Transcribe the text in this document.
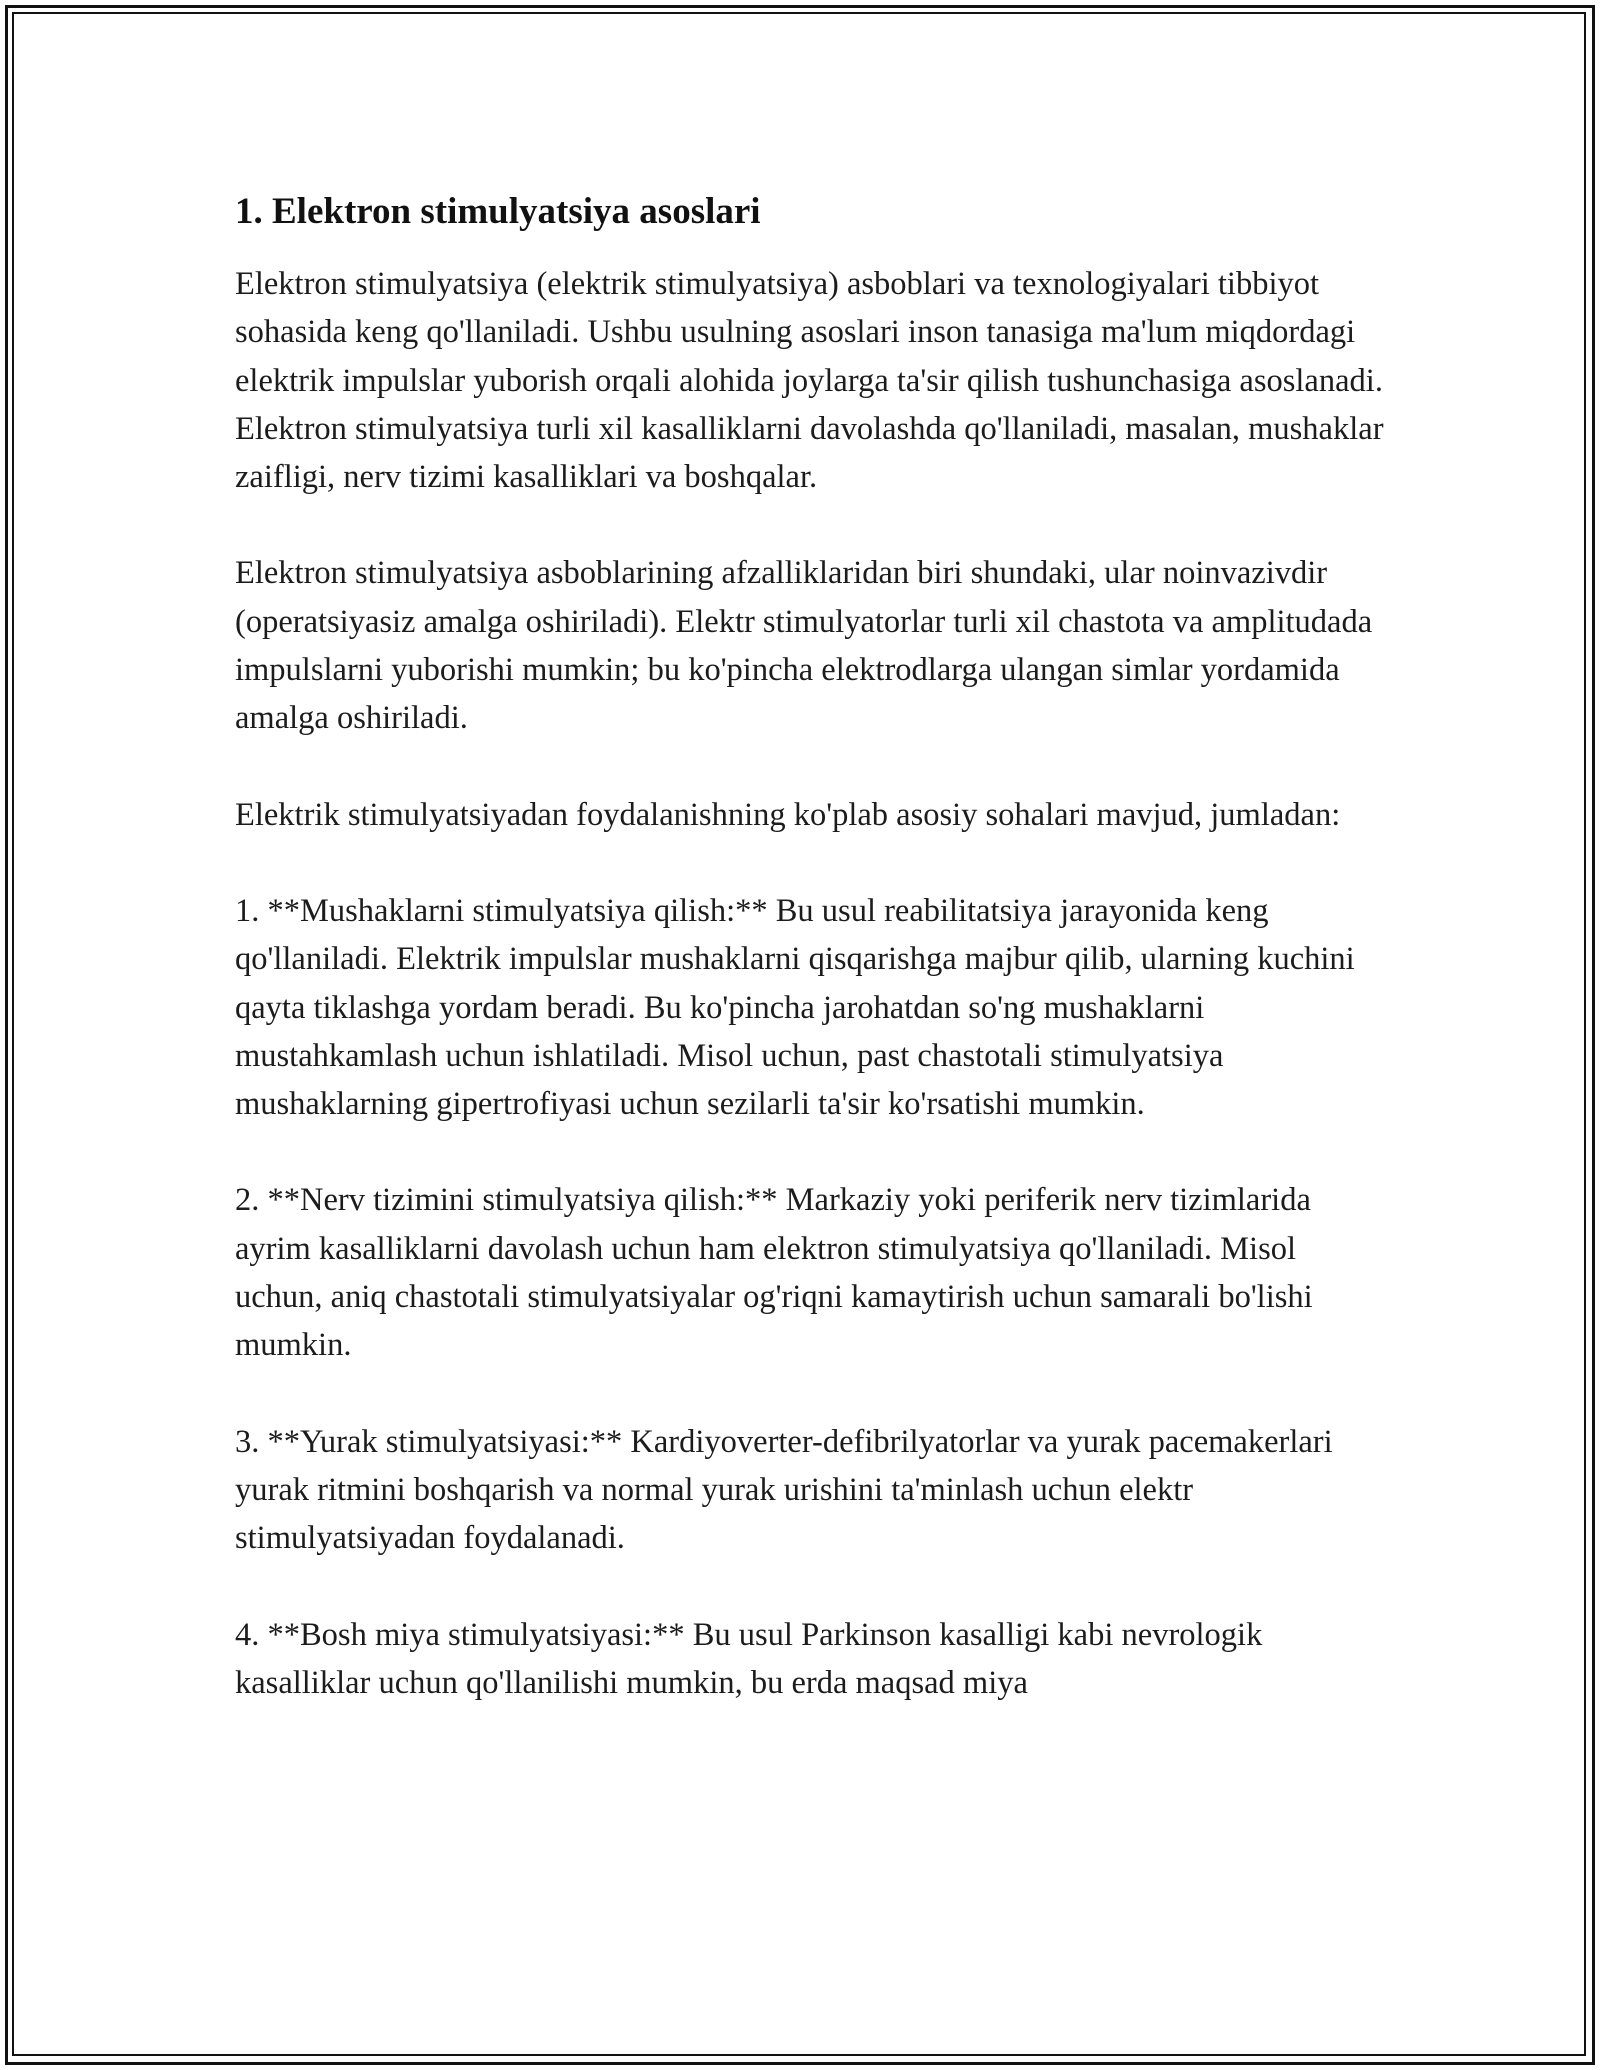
1. Elektron stimulyatsiya asoslari

Elektron stimulyatsiya (elektrik stimulyatsiya) asboblari va texnologiyalari tibbiyot sohasida keng qo'llaniladi. Ushbu usulning asoslari inson tanasiga ma'lum miqdordagi elektrik impulslar yuborish orqali alohida joylarga ta'sir qilish tushunchasiga asoslanadi. Elektron stimulyatsiya turli xil kasalliklarni davolashda qo'llaniladi, masalan, mushaklar zaifligi, nerv tizimi kasalliklari va boshqalar.

Elektron stimulyatsiya asboblarining afzalliklaridan biri shundaki, ular noinvazivdir (operatsiyasiz amalga oshiriladi). Elektr stimulyatorlar turli xil chastota va amplitudada impulslarni yuborishi mumkin; bu ko'pincha elektrodlarga ulangan simlar yordamida amalga oshiriladi.

Elektrik stimulyatsiyadan foydalanishning ko'plab asosiy sohalari mavjud, jumladan:

1. **Mushaklarni stimulyatsiya qilish:** Bu usul reabilitatsiya jarayonida keng qo'llaniladi. Elektrik impulslar mushaklarni qisqarishga majbur qilib, ularning kuchini qayta tiklashga yordam beradi. Bu ko'pincha jarohatdan so'ng mushaklarni mustahkamlash uchun ishlatiladi. Misol uchun, past chastotali stimulyatsiya mushaklarning gipertrofiyasi uchun sezilarli ta'sir ko'rsatishi mumkin.

2. **Nerv tizimini stimulyatsiya qilish:** Markaziy yoki periferik nerv tizimlarida ayrim kasalliklarni davolash uchun ham elektron stimulyatsiya qo'llaniladi. Misol uchun, aniq chastotali stimulyatsiyalar og'riqni kamaytirish uchun samarali bo'lishi mumkin.

3. **Yurak stimulyatsiyasi:** Kardiyoverter-defibrilyatorlar va yurak pacemakerlari yurak ritmini boshqarish va normal yurak urishini ta'minlash uchun elektr stimulyatsiyadan foydalanadi.

4. **Bosh miya stimulyatsiyasi:** Bu usul Parkinson kasalligi kabi nevrologik kasalliklar uchun qo'llanilishi mumkin, bu erda maqsad miya
